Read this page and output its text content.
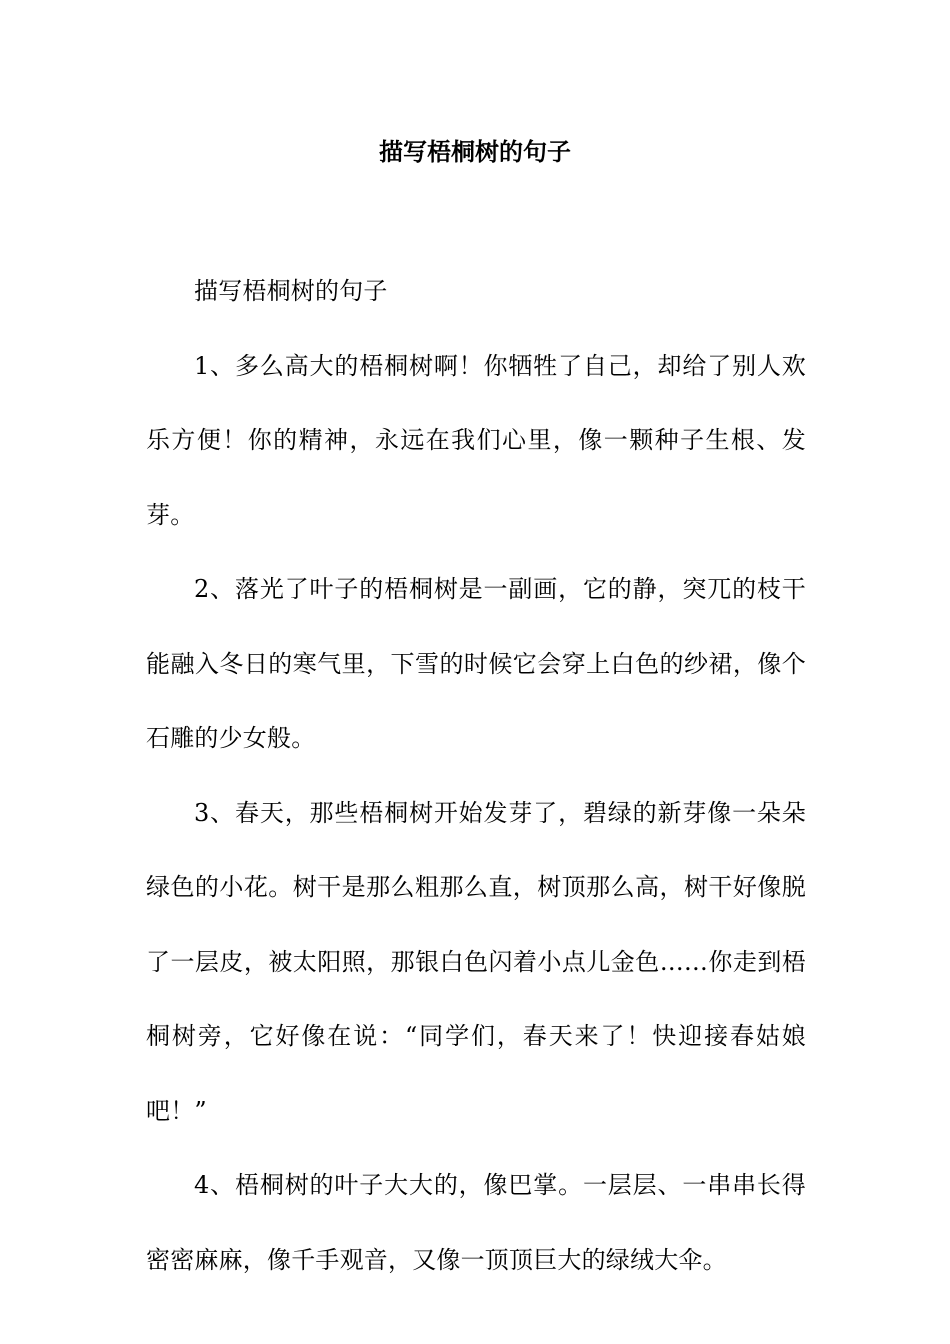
描写梧桐树的句子

描写梧桐树的句子

1、多么高大的梧桐树啊！你牺牲了自己，却给了别人欢乐方便！你的精神，永远在我们心里，像一颗种子生根、发芽。

2、落光了叶子的梧桐树是一副画，它的静，突兀的枝干能融入冬日的寒气里，下雪的时候它会穿上白色的纱裙，像个石雕的少女般。

3、春天，那些梧桐树开始发芽了，碧绿的新芽像一朵朵绿色的小花。树干是那么粗那么直，树顶那么高，树干好像脱了一层皮，被太阳照，那银白色闪着小点儿金色……你走到梧桐树旁，它好像在说：“同学们，春天来了！快迎接春姑娘吧！”

4、梧桐树的叶子大大的，像巴掌。一层层、一串串长得密密麻麻，像千手观音，又像一顶顶巨大的绿绒大伞。
